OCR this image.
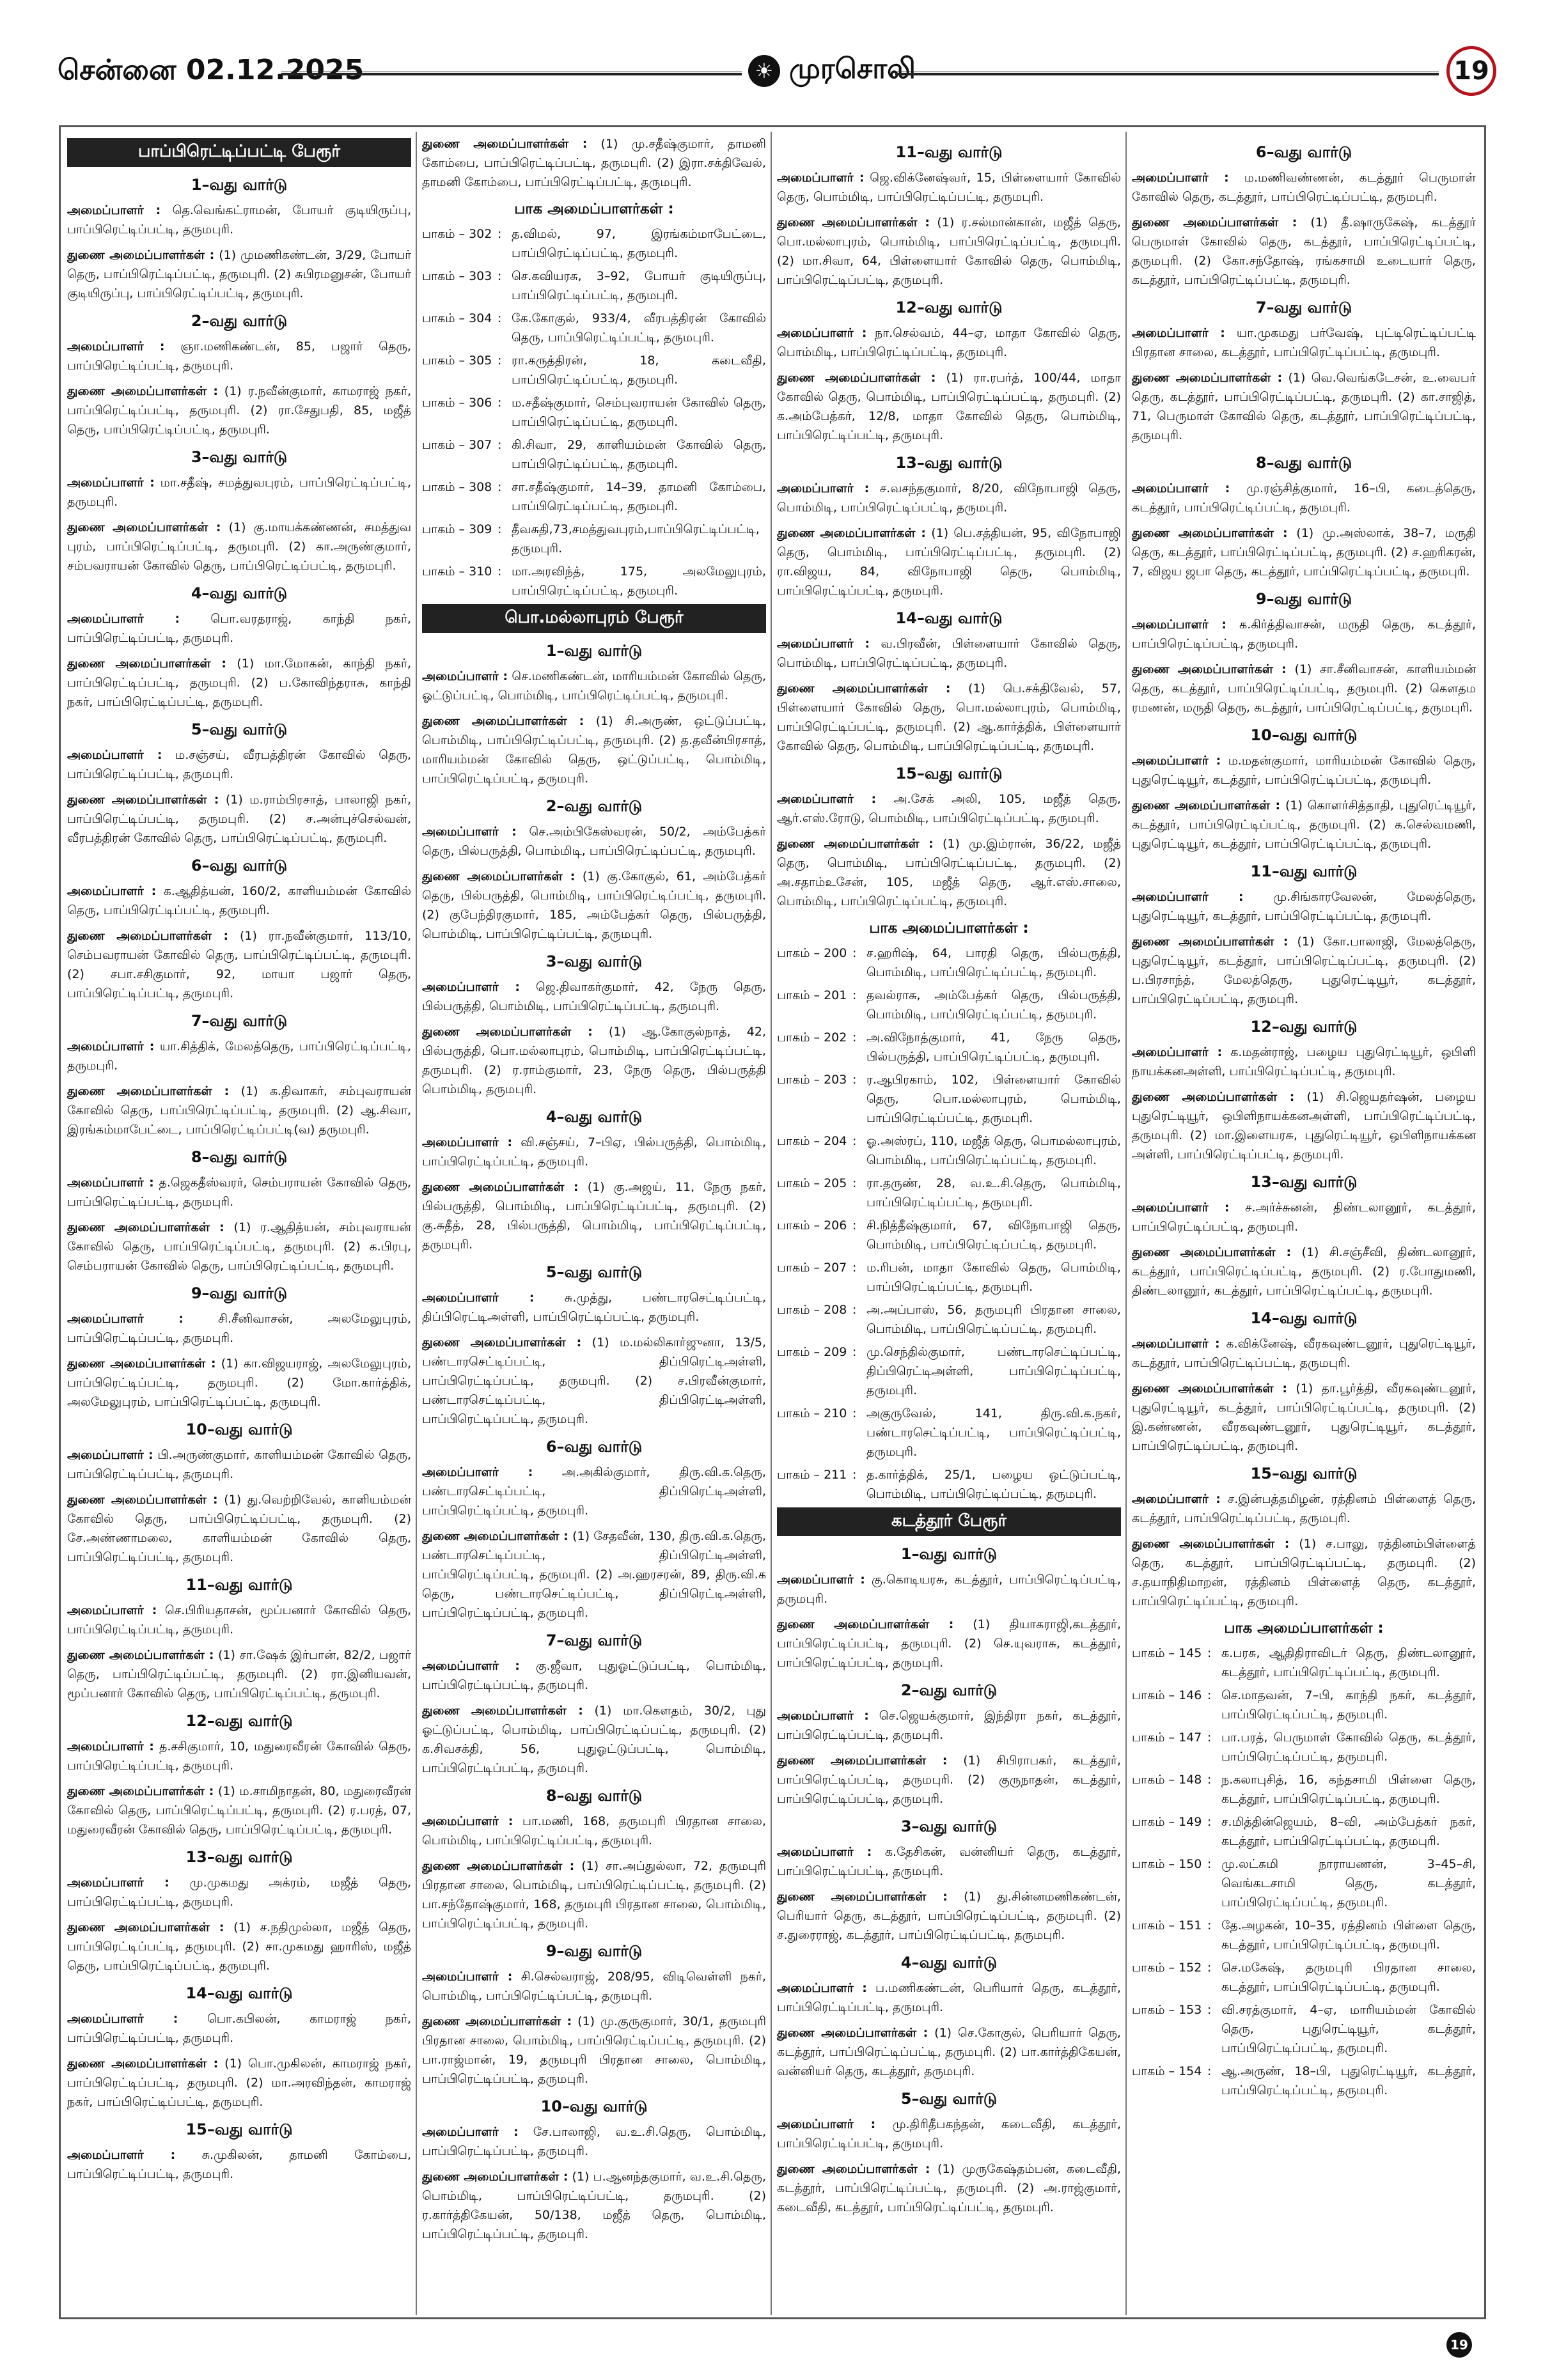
சென்னை 02.12.2025	☀ முரசொலி	19
பாப்பிரெட்டிப்பட்டி பேரூர்
1–வது வார்டு
அமைப்பாளர் : தெ.வெங்கட்ராமன், போயர் குடியிருப்பு, பாப்பிரெட்டிப்பட்டி, தருமபுரி.
துணை அமைப்பாளர்கள் : (1) முமணிகண்டன், 3/29, போயர் தெரு, பாப்பிரெட்டிப்பட்டி, தருமபுரி. (2) சுபிரமனுசன், போயர் குடியிருப்பு, பாப்பிரெட்டிப்பட்டி, தருமபுரி.
2–வது வார்டு
அமைப்பாளர் : ஞா.மணிகண்டன், 85, பஜார் தெரு, பாப்பிரெட்டிப்பட்டி, தருமபுரி.
துணை அமைப்பாளர்கள் : (1) ர.நவீன்குமார், காமராஜ் நகர், பாப்பிரெட்டிப்பட்டி, தருமபுரி. (2) ரா.சேதுபதி, 85, மஜீத் தெரு, பாப்பிரெட்டிப்பட்டி, தருமபுரி.
3–வது வார்டு
அமைப்பாளர் : மா.சதீஷ், சமத்துவபுரம், பாப்பிரெட்டிப்பட்டி, தருமபுரி.
துணை அமைப்பாளர்கள் : (1) கு.மாயக்கண்ணன், சமத்துவ புரம், பாப்பிரெட்டிப்பட்டி, தருமபுரி. (2) கா.அருண்குமார், சம்பவராயன் கோவில் தெரு, பாப்பிரெட்டிப்பட்டி, தருமபுரி.
4–வது வார்டு
அமைப்பாளர் : பொ.வரதராஜ், காந்தி நகர், பாப்பிரெட்டிப்பட்டி, தருமபுரி.
துணை அமைப்பாளர்கள் : (1) மா.மோகன், காந்தி நகர், பாப்பிரெட்டிப்பட்டி, தருமபுரி. (2) ப.கோவிந்தராசு, காந்தி நகர், பாப்பிரெட்டிப்பட்டி, தருமபுரி.
5–வது வார்டு
அமைப்பாளர் : ம.சஞ்சய், வீரபத்திரன் கோவில் தெரு, பாப்பிரெட்டிப்பட்டி, தருமபுரி.
துணை அமைப்பாளர்கள் : (1) ம.ராம்பிரசாத், பாலாஜி நகர், பாப்பிரெட்டிப்பட்டி, தருமபுரி. (2) ச.அன்புச்செல்வன், வீரபத்திரன் கோவில் தெரு, பாப்பிரெட்டிப்பட்டி, தருமபுரி.
6–வது வார்டு
அமைப்பாளர் : க.ஆதித்யன், 160/2, காளியம்மன் கோவில் தெரு, பாப்பிரெட்டிப்பட்டி, தருமபுரி.
துணை அமைப்பாளர்கள் : (1) ரா.நவீன்குமார், 113/10, செம்பவராயன் கோவில் தெரு, பாப்பிரெட்டிப்பட்டி, தருமபுரி. (2) சபா.சசிகுமார், 92, மாயா பஜார் தெரு, பாப்பிரெட்டிப்பட்டி, தருமபுரி.
7–வது வார்டு
அமைப்பாளர் : யா.சித்திக், மேலத்தெரு, பாப்பிரெட்டிப்பட்டி, தருமபுரி.
துணை அமைப்பாளர்கள் : (1) க.திவாகர், சம்புவராயன் கோவில் தெரு, பாப்பிரெட்டிப்பட்டி, தருமபுரி. (2) ஆ.சிவா, இரங்கம்மாபேட்டை, பாப்பிரெட்டிப்பட்டி(வ) தருமபுரி.
8–வது வார்டு
அமைப்பாளர் : த.ஜெகதீஸ்வரர், செம்பராயன் கோவில் தெரு, பாப்பிரெட்டிப்பட்டி, தருமபுரி.
துணை அமைப்பாளர்கள் : (1) ர.ஆதித்யன், சம்புவராயன் கோவில் தெரு, பாப்பிரெட்டிப்பட்டி, தருமபுரி. (2) க.பிரபு, செம்பராயன் கோவில் தெரு, பாப்பிரெட்டிப்பட்டி, தருமபுரி.
9–வது வார்டு
அமைப்பாளர் : சி.சீனிவாசன், அலமேலுபுரம், பாப்பிரெட்டிப்பட்டி, தருமபுரி.
துணை அமைப்பாளர்கள் : (1) கா.விஜயராஜ், அலமேலுபுரம், பாப்பிரெட்டிப்பட்டி, தருமபுரி. (2) மோ.கார்த்திக், அலமேலுபுரம், பாப்பிரெட்டிப்பட்டி, தருமபுரி.
10–வது வார்டு
அமைப்பாளர் : பி.அருண்குமார், காளியம்மன் கோவில் தெரு, பாப்பிரெட்டிப்பட்டி, தருமபுரி.
துணை அமைப்பாளர்கள் : (1) து.வெற்றிவேல், காளியம்மன் கோவில் தெரு, பாப்பிரெட்டிப்பட்டி, தருமபுரி. (2) சே.அண்ணாமலை, காளியம்மன் கோவில் தெரு, பாப்பிரெட்டிப்பட்டி, தருமபுரி.
11–வது வார்டு
அமைப்பாளர் : செ.பிரியதாசன், மூப்பனார் கோவில் தெரு, பாப்பிரெட்டிப்பட்டி, தருமபுரி.
துணை அமைப்பாளர்கள் : (1) சா.ஷேக் இர்பான், 82/2, பஜார் தெரு, பாப்பிரெட்டிப்பட்டி, தருமபுரி. (2) ரா.இனியவன், மூப்பனார் கோவில் தெரு, பாப்பிரெட்டிப்பட்டி, தருமபுரி.
12–வது வார்டு
அமைப்பாளர் : த.சசிகுமார், 10, மதுரைவீரன் கோவில் தெரு, பாப்பிரெட்டிப்பட்டி, தருமபுரி.
துணை அமைப்பாளர்கள் : (1) ம.சாமிநாதன், 80, மதுரைவீரன் கோவில் தெரு, பாப்பிரெட்டிப்பட்டி, தருமபுரி. (2) ர.பரத், 07, மதுரைவீரன் கோவில் தெரு, பாப்பிரெட்டிப்பட்டி, தருமபுரி.
13–வது வார்டு
அமைப்பாளர் : மு.முகமது அக்ரம், மஜீத் தெரு, பாப்பிரெட்டிப்பட்டி, தருமபுரி.
துணை அமைப்பாளர்கள் : (1) ச.நதிமுல்லா, மஜீத் தெரு, பாப்பிரெட்டிப்பட்டி, தருமபுரி. (2) சா.முகமது ஹாரிஸ், மஜீத் தெரு, பாப்பிரெட்டிப்பட்டி, தருமபுரி.
14–வது வார்டு
அமைப்பாளர் : பொ.கபிலன், காமராஜ் நகர், பாப்பிரெட்டிப்பட்டி, தருமபுரி.
துணை அமைப்பாளர்கள் : (1) பொ.முகிலன், காமராஜ் நகர், பாப்பிரெட்டிப்பட்டி, தருமபுரி. (2) மா.அரவிந்தன், காமராஜ் நகர், பாப்பிரெட்டிப்பட்டி, தருமபுரி.
15–வது வார்டு
அமைப்பாளர் : சு.முகிலன், தாமனி கோம்பை, பாப்பிரெட்டிப்பட்டி, தருமபுரி.
துணை அமைப்பாளர்கள் : (1) மு.சதீஷ்குமார், தாமனி கோம்பை, பாப்பிரெட்டிப்பட்டி, தருமபுரி. (2) இரா.சக்திவேல், தாமனி கோம்பை, பாப்பிரெட்டிப்பட்டி, தருமபுரி.
பாக அமைப்பாளர்கள் :
பாகம் – 302 : த.விமல், 97, இரங்கம்மாபேட்டை, பாப்பிரெட்டிப்பட்டி, தருமபுரி.
பாகம் – 303 : செ.கவியரசு, 3–92, போயர் குடியிருப்பு, பாப்பிரெட்டிப்பட்டி, தருமபுரி.
பாகம் – 304 : கே.கோகுல், 933/4, வீரபத்திரன் கோவில் தெரு, பாப்பிரெட்டிப்பட்டி, தருமபுரி.
பாகம் – 305 : ரா.கருத்திரன், 18, கடைவீதி, பாப்பிரெட்டிப்பட்டி, தருமபுரி.
பாகம் – 306 : ம.சதீஷ்குமார், செம்புவராயன் கோவில் தெரு, பாப்பிரெட்டிப்பட்டி, தருமபுரி.
பாகம் – 307 : கி.சிவா, 29, காளியம்மன் கோவில் தெரு, பாப்பிரெட்டிப்பட்டி, தருமபுரி.
பாகம் – 308 : சா.சதீஷ்குமார், 14–39, தாமனி கோம்பை, பாப்பிரெட்டிப்பட்டி, தருமபுரி.
பாகம் – 309 : தீவசுதி,73,சமத்துவபுரம்,பாப்பிரெட்டிப்பட்டி, தருமபுரி.
பாகம் – 310 : மா.அரவிந்த், 175, அலமேலுபுரம், பாப்பிரெட்டிப்பட்டி, தருமபுரி.
பொ.மல்லாபுரம் பேரூர்
1–வது வார்டு
அமைப்பாளர் : செ.மணிகண்டன், மாரியம்மன் கோவில் தெரு, ஓட்டுப்பட்டி, பொம்மிடி, பாப்பிரெட்டிப்பட்டி, தருமபுரி.
துணை அமைப்பாளர்கள் : (1) சி.அருண், ஒட்டுப்பட்டி, பொம்மிடி, பாப்பிரெட்டிப்பட்டி, தருமபுரி. (2) த.தவீன்பிரசாத், மாரியம்மன் கோவில் தெரு, ஒட்டுப்பட்டி, பொம்மிடி, பாப்பிரெட்டிப்பட்டி, தருமபுரி.
2–வது வார்டு
அமைப்பாளர் : செ.அம்பிகேஸ்வரன், 50/2, அம்பேத்கர் தெரு, பில்பருத்தி, பொம்மிடி, பாப்பிரெட்டிப்பட்டி, தருமபுரி.
துணை அமைப்பாளர்கள் : (1) கு.கோகுல், 61, அம்பேத்கர் தெரு, பில்பருத்தி, பொம்மிடி, பாப்பிரெட்டிப்பட்டி, தருமபுரி. (2) குபேந்திரகுமார், 185, அம்பேத்கர் தெரு, பில்பருத்தி, பொம்மிடி, பாப்பிரெட்டிப்பட்டி, தருமபுரி.
3–வது வார்டு
அமைப்பாளர் : ஜெ.திவாகர்குமார், 42, நேரு தெரு, பில்பருத்தி, பொம்மிடி, பாப்பிரெட்டிப்பட்டி, தருமபுரி.
துணை அமைப்பாளர்கள் : (1) ஆ.கோகுல்நாத், 42, பில்பருத்தி, பொ.மல்லாபுரம், பொம்மிடி, பாப்பிரெட்டிப்பட்டி, தருமபுரி. (2) ர.ராம்குமார், 23, நேரு தெரு, பில்பருத்தி பொம்மிடி, தருமபுரி.
4–வது வார்டு
அமைப்பாளர் : வி.சஞ்சய், 7–பிஏ, பில்பருத்தி, பொம்மிடி, பாப்பிரெட்டிப்பட்டி, தருமபுரி.
துணை அமைப்பாளர்கள் : (1) கு.அஜய், 11, நேரு நகர், பில்பருத்தி, பொம்மிடி, பாப்பிரெட்டிப்பட்டி, தருமபுரி. (2) கு.சுதீத், 28, பில்பருத்தி, பொம்மிடி, பாப்பிரெட்டிப்பட்டி, தருமபுரி.
5–வது வார்டு
அமைப்பாளர் : சு.முத்து, பண்டாரசெட்டிப்பட்டி, திப்பிரெட்டிஅள்ளி, பாப்பிரெட்டிப்பட்டி, தருமபுரி.
துணை அமைப்பாளர்கள் : (1) ம.மல்லிகார்ஜுனா, 13/5, பண்டாரசெட்டிப்பட்டி, திப்பிரெட்டிஅள்ளி, பாப்பிரெட்டிப்பட்டி, தருமபுரி. (2) ச.பிரவீன்குமார், பண்டாரசெட்டிப்பட்டி, திப்பிரெட்டிஅள்ளி, பாப்பிரெட்டிப்பட்டி, தருமபுரி.
6–வது வார்டு
அமைப்பாளர் : அ.அகில்குமார், திரு.வி.க.தெரு, பண்டாரசெட்டிப்பட்டி, திப்பிரெட்டிஅள்ளி, பாப்பிரெட்டிப்பட்டி, தருமபுரி.
துணை அமைப்பாளர்கள் : (1) சேதவீன், 130, திரு.வி.க.தெரு, பண்டாரசெட்டிப்பட்டி, திப்பிரெட்டிஅள்ளி, பாப்பிரெட்டிப்பட்டி, தருமபுரி. (2) அ.ஹரசரன், 89, திரு.வி.க தெரு, பண்டாரசெட்டிப்பட்டி, திப்பிரெட்டிஅள்ளி, பாப்பிரெட்டிப்பட்டி, தருமபுரி.
7–வது வார்டு
அமைப்பாளர் : கு.ஜீவா, புதுஓட்டுப்பட்டி, பொம்மிடி, பாப்பிரெட்டிப்பட்டி, தருமபுரி.
துணை அமைப்பாளர்கள் : (1) மா.கௌதம், 30/2, புது ஓட்டுப்பட்டி, பொம்மிடி, பாப்பிரெட்டிப்பட்டி, தருமபுரி. (2) க.சிவசக்தி, 56, புதுஓட்டுப்பட்டி, பொம்மிடி, பாப்பிரெட்டிப்பட்டி, தருமபுரி.
8–வது வார்டு
அமைப்பாளர் : பா.மணி, 168, தருமபுரி பிரதான சாலை, பொம்மிடி, பாப்பிரெட்டிப்பட்டி, தருமபுரி.
துணை அமைப்பாளர்கள் : (1) சா.அப்துல்லா, 72, தருமபுரி பிரதான சாலை, பொம்மிடி, பாப்பிரெட்டிப்பட்டி, தருமபுரி. (2) பா.சந்தோஷ்குமார், 168, தருமபுரி பிரதான சாலை, பொம்மிடி, பாப்பிரெட்டிப்பட்டி, தருமபுரி.
9–வது வார்டு
அமைப்பாளர் : சி.செல்வராஜ், 208/95, விடிவெள்ளி நகர், பொம்மிடி, பாப்பிரெட்டிப்பட்டி, தருமபுரி.
துணை அமைப்பாளர்கள் : (1) மு.குருகுமார், 30/1, தருமபுரி பிரதான சாலை, பொம்மிடி, பாப்பிரெட்டிப்பட்டி, தருமபுரி. (2) பா.ராஜ்மான், 19, தருமபுரி பிரதான சாலை, பொம்மிடி, பாப்பிரெட்டிப்பட்டி, தருமபுரி.
10–வது வார்டு
அமைப்பாளர் : சே.பாலாஜி, வ.உ.சி.தெரு, பொம்மிடி, பாப்பிரெட்டிப்பட்டி, தருமபுரி.
துணை அமைப்பாளர்கள் : (1) ப.ஆனந்தகுமார், வ.உ.சி.தெரு, பொம்மிடி, பாப்பிரெட்டிப்பட்டி, தருமபுரி. (2) ர.கார்த்திகேயன், 50/138, மஜீத் தெரு, பொம்மிடி, பாப்பிரெட்டிப்பட்டி, தருமபுரி.
11–வது வார்டு
அமைப்பாளர் : ஜெ.விக்னேஷ்வர், 15, பிள்ளையார் கோவில் தெரு, பொம்மிடி, பாப்பிரெட்டிப்பட்டி, தருமபுரி.
துணை அமைப்பாளர்கள் : (1) ர.சல்மான்கான், மஜீத் தெரு, பொ.மல்லாபுரம், பொம்மிடி, பாப்பிரெட்டிப்பட்டி, தருமபுரி. (2) மா.சிவா, 64, பிள்ளையார் கோவில் தெரு, பொம்மிடி, பாப்பிரெட்டிப்பட்டி, தருமபுரி.
12–வது வார்டு
அமைப்பாளர் : நா.செல்வம், 44–ஏ, மாதா கோவில் தெரு, பொம்மிடி, பாப்பிரெட்டிப்பட்டி, தருமபுரி.
துணை அமைப்பாளர்கள் : (1) ரா.ரபர்த், 100/44, மாதா கோவில் தெரு, பொம்மிடி, பாப்பிரெட்டிப்பட்டி, தருமபுரி. (2) க.அம்பேத்கர், 12/8, மாதா கோவில் தெரு, பொம்மிடி, பாப்பிரெட்டிப்பட்டி, தருமபுரி.
13–வது வார்டு
அமைப்பாளர் : ச.வசந்தகுமார், 8/20, விநோபாஜி தெரு, பொம்மிடி, பாப்பிரெட்டிப்பட்டி, தருமபுரி.
துணை அமைப்பாளர்கள் : (1) பெ.சத்தியன், 95, விநோபாஜி தெரு, பொம்மிடி, பாப்பிரெட்டிப்பட்டி, தருமபுரி. (2) ரா.விஜய, 84, விநோபாஜி தெரு, பொம்மிடி, பாப்பிரெட்டிப்பட்டி, தருமபுரி.
14–வது வார்டு
அமைப்பாளர் : வ.பிரவீன், பிள்ளையார் கோவில் தெரு, பொம்மிடி, பாப்பிரெட்டிப்பட்டி, தருமபுரி.
துணை அமைப்பாளர்கள் : (1) பெ.சக்திவேல், 57, பிள்ளையார் கோவில் தெரு, பொ.மல்லாபுரம், பொம்மிடி, பாப்பிரெட்டிப்பட்டி, தருமபுரி. (2) ஆ.கார்த்திக், பிள்ளையார் கோவில் தெரு, பொம்மிடி, பாப்பிரெட்டிப்பட்டி, தருமபுரி.
15–வது வார்டு
அமைப்பாளர் : அ.சேக் அலி, 105, மஜீத் தெரு, ஆர்.எஸ்.ரோடு, பொம்மிடி, பாப்பிரெட்டிப்பட்டி, தருமபுரி.
துணை அமைப்பாளர்கள் : (1) மு.இம்ரான், 36/22, மஜீத் தெரு, பொம்மிடி, பாப்பிரெட்டிப்பட்டி, தருமபுரி. (2) அ.சதாம்உசேன், 105, மஜீத் தெரு, ஆர்.எஸ்.சாலை, பொம்மிடி, பாப்பிரெட்டிப்பட்டி, தருமபுரி.
பாக அமைப்பாளர்கள் :
பாகம் – 200 : ச.ஹரிஷ், 64, பாரதி தெரு, பில்பருத்தி, பொம்மிடி, பாப்பிரெட்டிப்பட்டி, தருமபுரி.
பாகம் – 201 : தவல்ராசு, அம்பேத்கர் தெரு, பில்பருத்தி, பொம்மிடி, பாப்பிரெட்டிப்பட்டி, தருமபுரி.
பாகம் – 202 : அ.விநோத்குமார், 41, நேரு தெரு, பில்பருத்தி, பாப்பிரெட்டிப்பட்டி, தருமபுரி.
பாகம் – 203 : ர.ஆபிரகாம், 102, பிள்ளையார் கோவில் தெரு, பொ.மல்லாபுரம், பொம்மிடி, பாப்பிரெட்டிப்பட்டி, தருமபுரி.
பாகம் – 204 : ஓ.அஸ்ரப், 110, மஜீத் தெரு, பொமல்லாபுரம், பொம்மிடி, பாப்பிரெட்டிப்பட்டி, தருமபுரி.
பாகம் – 205 : ரா.தருண், 28, வ.உ.சி.தெரு, பொம்மிடி, பாப்பிரெட்டிப்பட்டி, தருமபுரி.
பாகம் – 206 : சி.நித்தீஷ்குமார், 67, விநோபாஜி தெரு, பொம்மிடி, பாப்பிரெட்டிப்பட்டி, தருமபுரி.
பாகம் – 207 : ம.ரிபன், மாதா கோவில் தெரு, பொம்மிடி, பாப்பிரெட்டிப்பட்டி, தருமபுரி.
பாகம் – 208 : அ.அப்பாஸ், 56, தருமபுரி பிரதான சாலை, பொம்மிடி, பாப்பிரெட்டிப்பட்டி, தருமபுரி.
பாகம் – 209 : மு.செந்தில்குமார், பண்டாரசெட்டிப்பட்டி, திப்பிரெட்டிஅள்ளி, பாப்பிரெட்டிப்பட்டி, தருமபுரி.
பாகம் – 210 : அகுருவேல், 141, திரு.வி.க.நகர், பண்டாரசெட்டிப்பட்டி, பாப்பிரெட்டிப்பட்டி, தருமபுரி.
பாகம் – 211 : த.கார்த்திக், 25/1, பழைய ஒட்டுப்பட்டி, பொம்மிடி, பாப்பிரெட்டிப்பட்டி, தருமபுரி.
கடத்தூர் பேரூர்
1–வது வார்டு
அமைப்பாளர் : கு.கொடியரசு, கடத்தூர், பாப்பிரெட்டிப்பட்டி, தருமபுரி.
துணை அமைப்பாளர்கள் : (1) தியாகராஜி,கடத்தூர், பாப்பிரெட்டிப்பட்டி, தருமபுரி. (2) செ.யுவராசு, கடத்தூர், பாப்பிரெட்டிப்பட்டி, தருமபுரி.
2–வது வார்டு
அமைப்பாளர் : செ.ஜெயக்குமார், இந்திரா நகர், கடத்தூர், பாப்பிரெட்டிப்பட்டி, தருமபுரி.
துணை அமைப்பாளர்கள் : (1) சிபிராபகர், கடத்தூர், பாப்பிரெட்டிப்பட்டி, தருமபுரி. (2) குருநாதன், கடத்தூர், பாப்பிரெட்டிப்பட்டி, தருமபுரி.
3–வது வார்டு
அமைப்பாளர் : க.தேசிகன், வன்னியர் தெரு, கடத்தூர், பாப்பிரெட்டிப்பட்டி, தருமபுரி.
துணை அமைப்பாளர்கள் : (1) து.சின்னமணிகண்டன், பெரியார் தெரு, கடத்தூர், பாப்பிரெட்டிப்பட்டி, தருமபுரி. (2) ச.துரைராஜ், கடத்தூர், பாப்பிரெட்டிப்பட்டி, தருமபுரி.
4–வது வார்டு
அமைப்பாளர் : ப.மணிகண்டன், பெரியார் தெரு, கடத்தூர், பாப்பிரெட்டிப்பட்டி, தருமபுரி.
துணை அமைப்பாளர்கள் : (1) செ.கோகுல், பெரியார் தெரு, கடத்தூர், பாப்பிரெட்டிப்பட்டி, தருமபுரி. (2) பா.கார்த்திகேயன், வன்னியர் தெரு, கடத்தூர், தருமபுரி.
5–வது வார்டு
அமைப்பாளர் : மு.திரிதீபகந்தன், கடைவீதி, கடத்தூர், பாப்பிரெட்டிப்பட்டி, தருமபுரி.
துணை அமைப்பாளர்கள் : (1) முருகேஷ்தம்பன், கடைவீதி, கடத்தூர், பாப்பிரெட்டிப்பட்டி, தருமபுரி. (2) அ.ராஜ்குமார், கடைவீதி, கடத்தூர், பாப்பிரெட்டிப்பட்டி, தருமபுரி.
6–வது வார்டு
அமைப்பாளர் : ம.மணிவண்ணன், கடத்தூர் பெருமாள் கோவில் தெரு, கடத்தூர், பாப்பிரெட்டிப்பட்டி, தருமபுரி.
துணை அமைப்பாளர்கள் : (1) தீ.ஷாருகேஷ், கடத்தூர் பெருமாள் கோவில் தெரு, கடத்தூர், பாப்பிரெட்டிப்பட்டி, தருமபுரி. (2) கோ.சந்தோஷ், ரங்கசாமி உடையார் தெரு, கடத்தூர், பாப்பிரெட்டிப்பட்டி, தருமபுரி.
7–வது வார்டு
அமைப்பாளர் : யா.முகமது பர்வேஷ், புட்டிரெட்டிப்பட்டி பிரதான சாலை, கடத்தூர், பாப்பிரெட்டிப்பட்டி, தருமபுரி.
துணை அமைப்பாளர்கள் : (1) வெ.வெங்கடேசன், உ.வைபர் தெரு, கடத்தூர், பாப்பிரெட்டிப்பட்டி, தருமபுரி. (2) கா.சாஜித், 71, பெருமாள் கோவில் தெரு, கடத்தூர், பாப்பிரெட்டிப்பட்டி, தருமபுரி.
8–வது வார்டு
அமைப்பாளர் : மு.ரஞ்சித்குமார், 16–பி, கடைத்தெரு, கடத்தூர், பாப்பிரெட்டிப்பட்டி, தருமபுரி.
துணை அமைப்பாளர்கள் : (1) மு.அஸ்லாக், 38–7, மருதி தெரு, கடத்தூர், பாப்பிரெட்டிப்பட்டி, தருமபுரி. (2) ச.ஹரிகரன், 7, விஜய ஜபா தெரு, கடத்தூர், பாப்பிரெட்டிப்பட்டி, தருமபுரி.
9–வது வார்டு
அமைப்பாளர் : க.கிர்த்திவாசன், மருதி தெரு, கடத்தூர், பாப்பிரெட்டிப்பட்டி, தருமபுரி.
துணை அமைப்பாளர்கள் : (1) சா.சீனிவாசன், காளியம்மன் தெரு, கடத்தூர், பாப்பிரெட்டிப்பட்டி, தருமபுரி. (2) கௌதம ரமணன், மருதி தெரு, கடத்தூர், பாப்பிரெட்டிப்பட்டி, தருமபுரி.
10–வது வார்டு
அமைப்பாளர் : ம.மதன்குமார், மாரியம்மன் கோவில் தெரு, புதுரெட்டியூர், கடத்தூர், பாப்பிரெட்டிப்பட்டி, தருமபுரி.
துணை அமைப்பாளர்கள் : (1) கொளர்சித்தாதி, புதுரெட்டியூர், கடத்தூர், பாப்பிரெட்டிப்பட்டி, தருமபுரி. (2) க.செல்வமணி, புதுரெட்டியூர், கடத்தூர், பாப்பிரெட்டிப்பட்டி, தருமபுரி.
11–வது வார்டு
அமைப்பாளர் : மு.சிங்காரவேலன், மேலத்தெரு, புதுரெட்டியூர், கடத்தூர், பாப்பிரெட்டிப்பட்டி, தருமபுரி.
துணை அமைப்பாளர்கள் : (1) கோ.பாலாஜி, மேலத்தெரு, புதுரெட்டியூர், கடத்தூர், பாப்பிரெட்டிப்பட்டி, தருமபுரி. (2) ப.பிரசாந்த், மேலத்தெரு, புதுரெட்டியூர், கடத்தூர், பாப்பிரெட்டிப்பட்டி, தருமபுரி.
12–வது வார்டு
அமைப்பாளர் : க.மதன்ராஜ், பழைய புதுரெட்டியூர், ஒபிளி நாயக்கனஅள்ளி, பாப்பிரெட்டிப்பட்டி, தருமபுரி.
துணை அமைப்பாளர்கள் : (1) சி.ஜெயதர்ஷன், பழைய புதுரெட்டியூர், ஒபிளிநாயக்கனஅள்ளி, பாப்பிரெட்டிப்பட்டி, தருமபுரி. (2) மா.இளையரசு, புதுரெட்டியூர், ஒபிளிநாயக்கன அள்ளி, பாப்பிரெட்டிப்பட்டி, தருமபுரி.
13–வது வார்டு
அமைப்பாளர் : ச.அர்ச்சுனன், திண்டலானூர், கடத்தூர், பாப்பிரெட்டிப்பட்டி, தருமபுரி.
துணை அமைப்பாளர்கள் : (1) சி.சஞ்சீவி, திண்டலானூர், கடத்தூர், பாப்பிரெட்டிப்பட்டி, தருமபுரி. (2) ர.போதுமணி, திண்டலானூர், கடத்தூர், பாப்பிரெட்டிப்பட்டி, தருமபுரி.
14–வது வார்டு
அமைப்பாளர் : க.விக்னேஷ், வீரகவுண்டனூர், புதுரெட்டியூர், கடத்தூர், பாப்பிரெட்டிப்பட்டி, தருமபுரி.
துணை அமைப்பாளர்கள் : (1) தா.பூர்த்தி, வீரகவுண்டனூர், புதுரெட்டியூர், கடத்தூர், பாப்பிரெட்டிப்பட்டி, தருமபுரி. (2) இ.கண்ணன், வீரகவுண்டனூர், புதுரெட்டியூர், கடத்தூர், பாப்பிரெட்டிப்பட்டி, தருமபுரி.
15–வது வார்டு
அமைப்பாளர் : ச.இன்பத்தமிழன், ரத்தினம் பிள்ளைத் தெரு, கடத்தூர், பாப்பிரெட்டிப்பட்டி, தருமபுரி.
துணை அமைப்பாளர்கள் : (1) ச.பாலு, ரத்தினம்பிள்ளைத் தெரு, கடத்தூர், பாப்பிரெட்டிப்பட்டி, தருமபுரி. (2) ச.தயாநிதிமாறன், ரத்தினம் பிள்ளைத் தெரு, கடத்தூர், பாப்பிரெட்டிப்பட்டி, தருமபுரி.
பாக அமைப்பாளர்கள் :
பாகம் – 145 : க.பரசு, ஆதிதிராவிடர் தெரு, திண்டலானூர், கடத்தூர், பாப்பிரெட்டிப்பட்டி, தருமபுரி.
பாகம் – 146 : செ.மாதவன், 7–பி, காந்தி நகர், கடத்தூர், பாப்பிரெட்டிப்பட்டி, தருமபுரி.
பாகம் – 147 : பா.பரத், பெருமாள் கோவில் தெரு, கடத்தூர், பாப்பிரெட்டிப்பட்டி, தருமபுரி.
பாகம் – 148 : ந.கலாபுசித், 16, கந்தசாமி பிள்ளை தெரு, கடத்தூர், பாப்பிரெட்டிப்பட்டி, தருமபுரி.
பாகம் – 149 : ச.மித்தின்ஜெயம், 8–வி, அம்பேத்கர் நகர், கடத்தூர், பாப்பிரெட்டிப்பட்டி, தருமபுரி.
பாகம் – 150 : மு.லட்சுமி நாராயணன், 3–45–சி, வெங்கடசாமி தெரு, கடத்தூர், பாப்பிரெட்டிப்பட்டி, தருமபுரி.
பாகம் – 151 : தே.அழகன், 10–35, ரத்தினம் பிள்ளை தெரு, கடத்தூர், பாப்பிரெட்டிப்பட்டி, தருமபுரி.
பாகம் – 152 : செ.மகேஷ், தருமபுரி பிரதான சாலை, கடத்தூர், பாப்பிரெட்டிப்பட்டி, தருமபுரி.
பாகம் – 153 : வி.சரத்குமார், 4–ஏ, மாரியம்மன் கோவில் தெரு, புதுரெட்டியூர், கடத்தூர், பாப்பிரெட்டிப்பட்டி, தருமபுரி.
பாகம் – 154 : ஆ.அருண், 18–பி, புதுரெட்டியூர், கடத்தூர், பாப்பிரெட்டிப்பட்டி, தருமபுரி.
19
